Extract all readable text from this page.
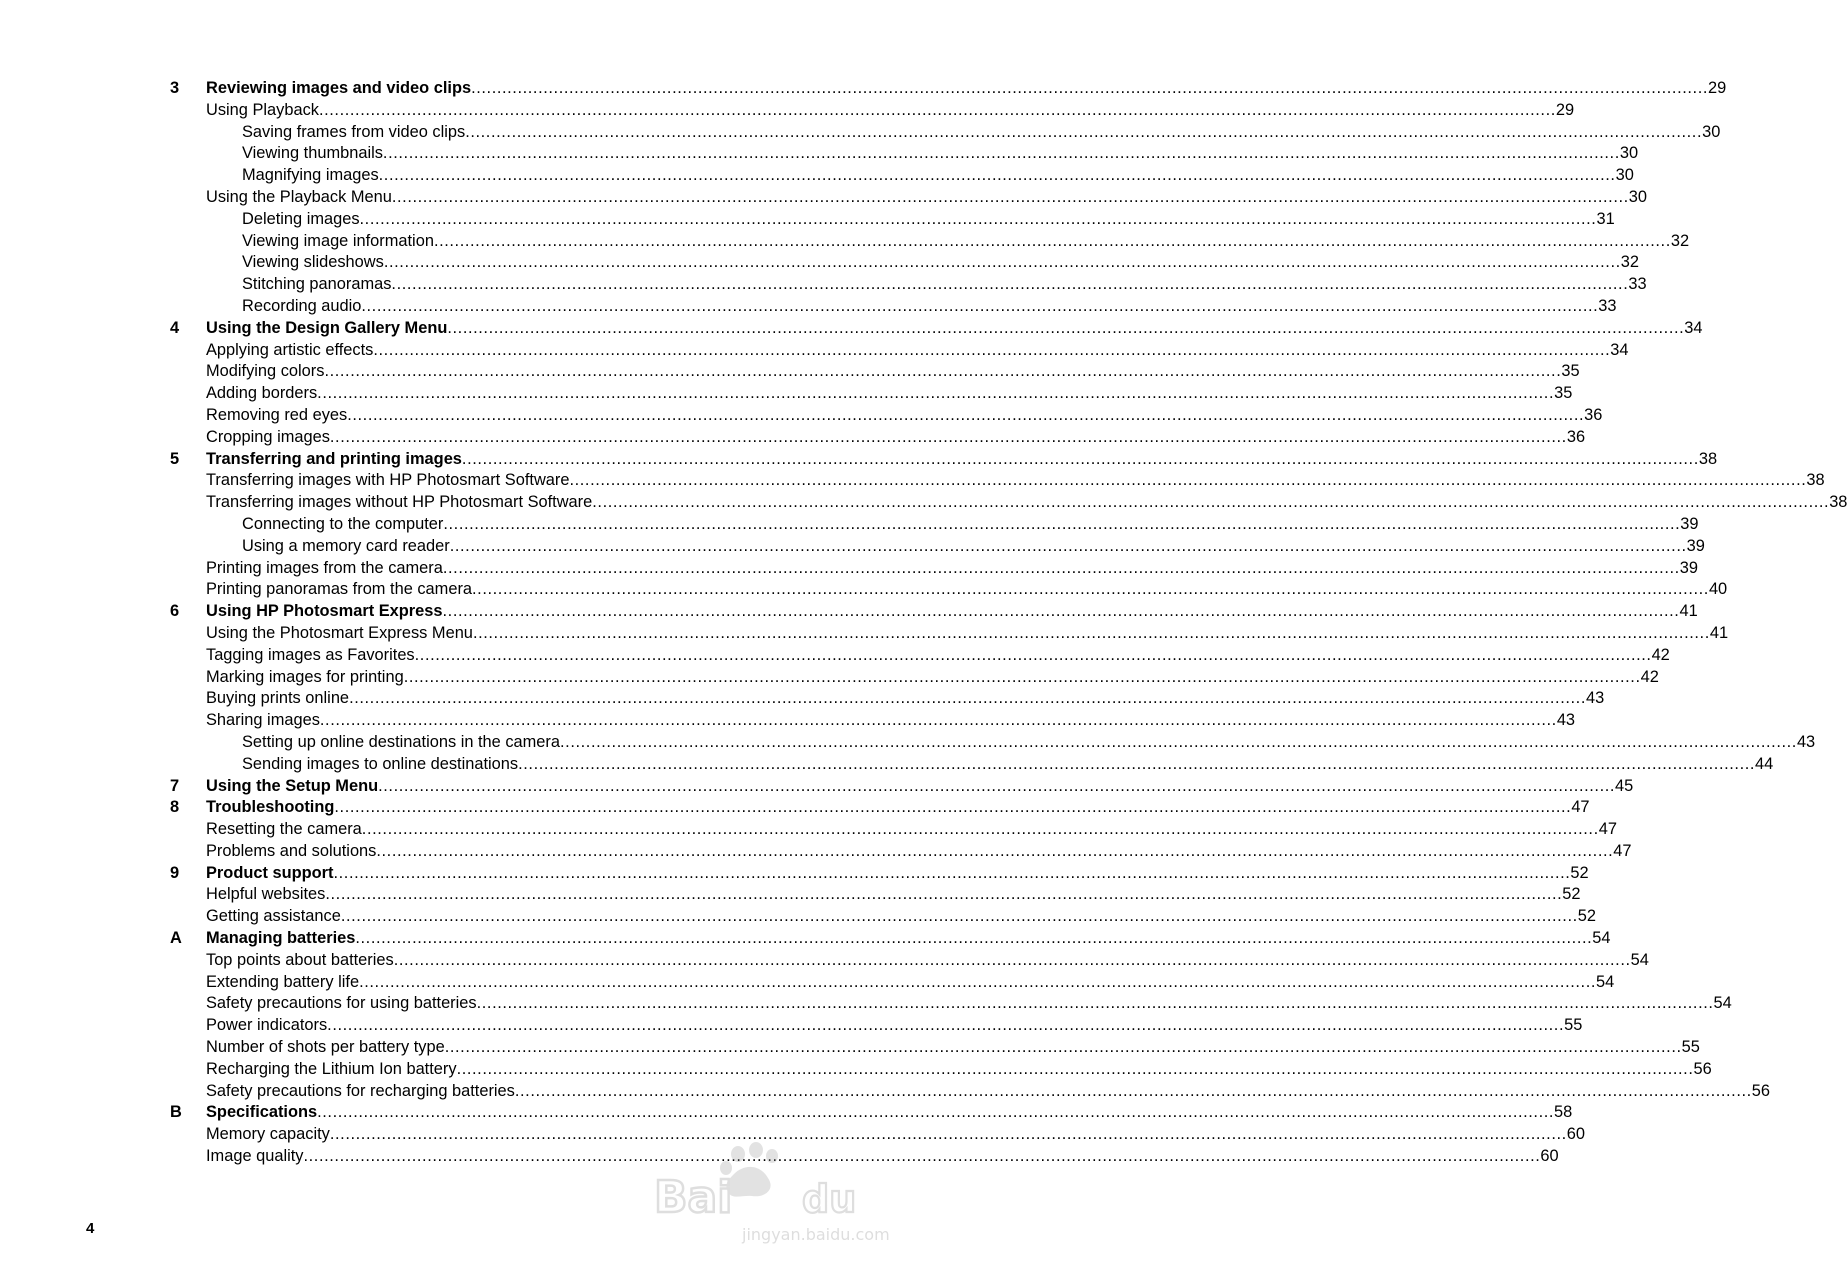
3 Reviewing images and video clips .....	29
Using Playback .....	29
Saving frames from video clips .....	30
Viewing thumbnails .....	30
Magnifying images .....	30
Using the Playback Menu .....	30
Deleting images .....	31
Viewing image information .....	32
Viewing slideshows .....	32
Stitching panoramas .....	33
Recording audio .....	33
4 Using the Design Gallery Menu .....	34
Applying artistic effects .....	34
Modifying colors .....	35
Adding borders .....	35
Removing red eyes .....	36
Cropping images .....	36
5 Transferring and printing images .....	38
Transferring images with HP Photosmart Software .....	38
Transferring images without HP Photosmart Software .....	38
Connecting to the computer .....	39
Using a memory card reader .....	39
Printing images from the camera .....	39
Printing panoramas from the camera .....	40
6 Using HP Photosmart Express .....	41
Using the Photosmart Express Menu .....	41
Tagging images as Favorites .....	42
Marking images for printing .....	42
Buying prints online .....	43
Sharing images .....	43
Setting up online destinations in the camera .....	43
Sending images to online destinations .....	44
7 Using the Setup Menu .....	45
8 Troubleshooting .....	47
Resetting the camera .....	47
Problems and solutions .....	47
9 Product support .....	52
Helpful websites .....	52
Getting assistance .....	52
A Managing batteries .....	54
Top points about batteries .....	54
Extending battery life .....	54
Safety precautions for using batteries .....	54
Power indicators .....	55
Number of shots per battery type .....	55
Recharging the Lithium Ion battery .....	56
Safety precautions for recharging batteries .....	56
B Specifications .....	58
Memory capacity .....	60
Image quality .....	60
4
Bai du
jingyan.baidu.com
